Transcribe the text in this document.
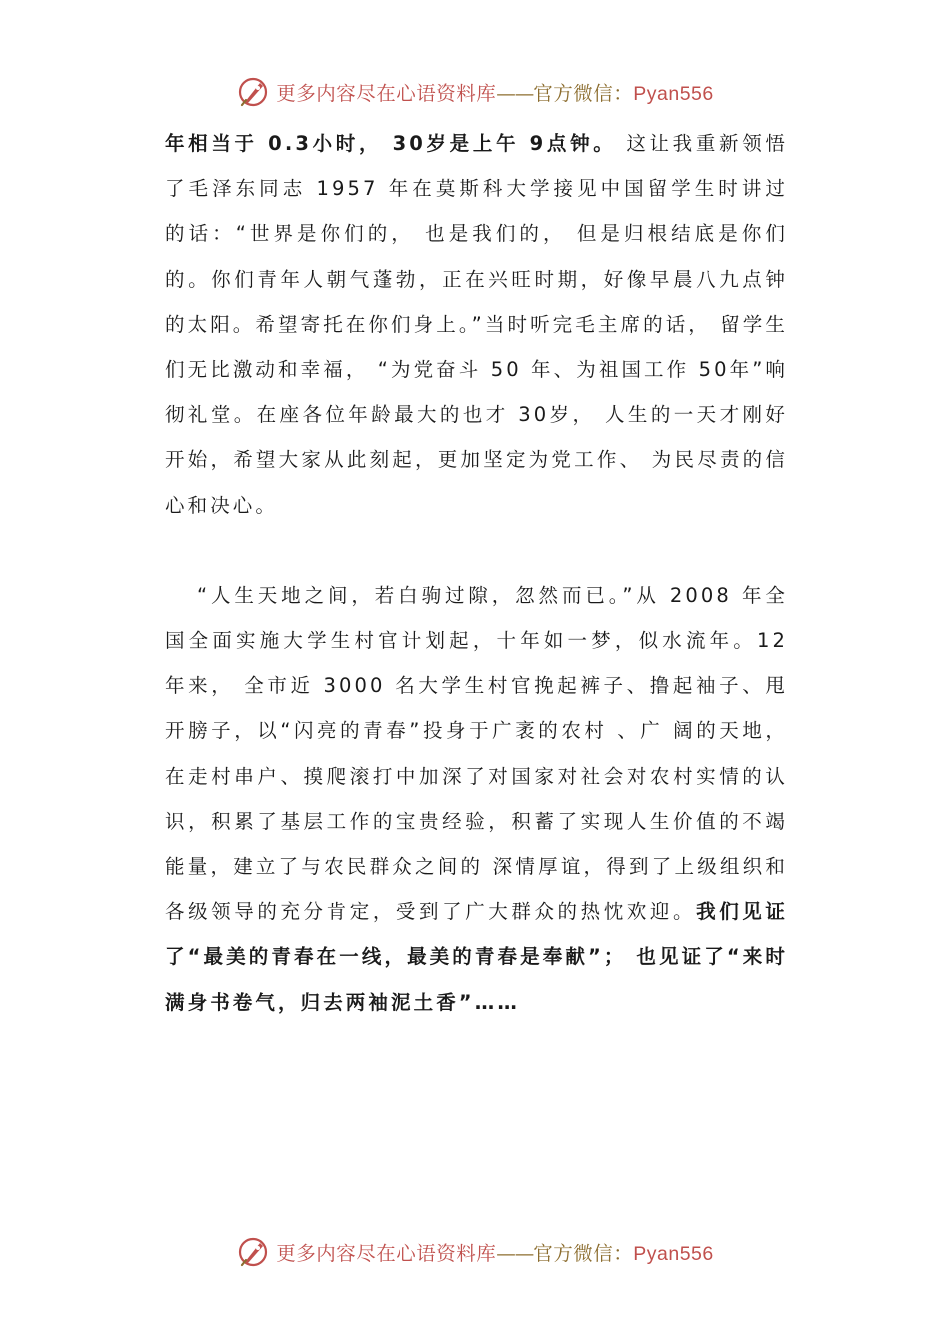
更多内容尽在心语资料库——官方微信：Pyan556

年相当于 0.3小时， 30岁是上午 9点钟。 这让我重新领悟了毛泽东同志 1957 年在莫斯科大学接见中国留学生时讲过的话：“世界是你们的， 也是我们的， 但是归根结底是你们的。你们青年人朝气蓬勃，正在兴旺时期，好像早晨八九点钟的太阳。希望寄托在你们身上。”当时听完毛主席的话， 留学生们无比激动和幸福， “为党奋斗 50 年、为祖国工作 50年”响彻礼堂。在座各位年龄最大的也才 30岁， 人生的一天才刚好开始，希望大家从此刻起，更加坚定为党工作、 为民尽责的信心和决心。

“人生天地之间，若白驹过隙，忽然而已。”从 2008 年全国全面实施大学生村官计划起，十年如一梦，似水流年。12 年来， 全市近 3000 名大学生村官挽起裤子、撸起袖子、甩开膀子，以“闪亮的青春”投身于广袤的农村 、广 阔的天地，在走村串户、摸爬滚打中加深了对国家对社会对农村实情的认识，积累了基层工作的宝贵经验，积蓄了实现人生价值的不竭能量，建立了与农民群众之间的 深情厚谊，得到了上级组织和各级领导的充分肯定，受到了广大群众的热忱欢迎。我们见证了“最美的青春在一线，最美的青春是奉献”； 也见证了“来时满身书卷气，归去两袖泥土香”……

更多内容尽在心语资料库——官方微信：Pyan556
